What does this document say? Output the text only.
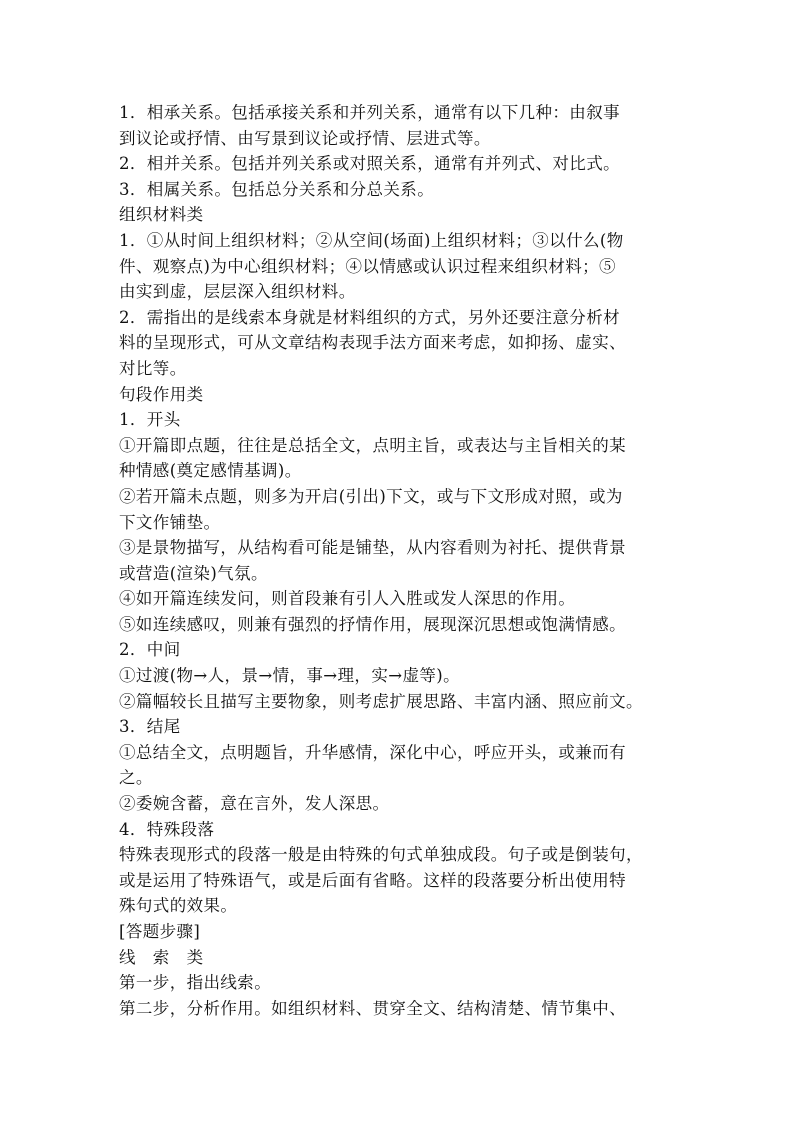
1．相承关系。包括承接关系和并列关系，通常有以下几种：由叙事
到议论或抒情、由写景到议论或抒情、层进式等。
2．相并关系。包括并列关系或对照关系，通常有并列式、对比式。
3．相属关系。包括总分关系和分总关系。
组织材料类
1．①从时间上组织材料；②从空间(场面)上组织材料；③以什么(物
件、观察点)为中心组织材料；④以情感或认识过程来组织材料；⑤
由实到虚，层层深入组织材料。
2．需指出的是线索本身就是材料组织的方式，另外还要注意分析材
料的呈现形式，可从文章结构表现手法方面来考虑，如抑扬、虚实、
对比等。
句段作用类
1．开头
①开篇即点题，往往是总括全文，点明主旨，或表达与主旨相关的某
种情感(奠定感情基调)。
②若开篇未点题，则多为开启(引出)下文，或与下文形成对照，或为
下文作铺垫。
③是景物描写，从结构看可能是铺垫，从内容看则为衬托、提供背景
或营造(渲染)气氛。
④如开篇连续发问，则首段兼有引人入胜或发人深思的作用。
⑤如连续感叹，则兼有强烈的抒情作用，展现深沉思想或饱满情感。
2．中间
①过渡(物→人，景→情，事→理，实→虚等)。
②篇幅较长且描写主要物象，则考虑扩展思路、丰富内涵、照应前文。
3．结尾
①总结全文，点明题旨，升华感情，深化中心，呼应开头，或兼而有
之。
②委婉含蓄，意在言外，发人深思。
4．特殊段落
特殊表现形式的段落一般是由特殊的句式单独成段。句子或是倒装句，
或是运用了特殊语气，或是后面有省略。这样的段落要分析出使用特
殊句式的效果。
[答题步骤]
线　索　类
第一步，指出线索。
第二步，分析作用。如组织材料、贯穿全文、结构清楚、情节集中、
